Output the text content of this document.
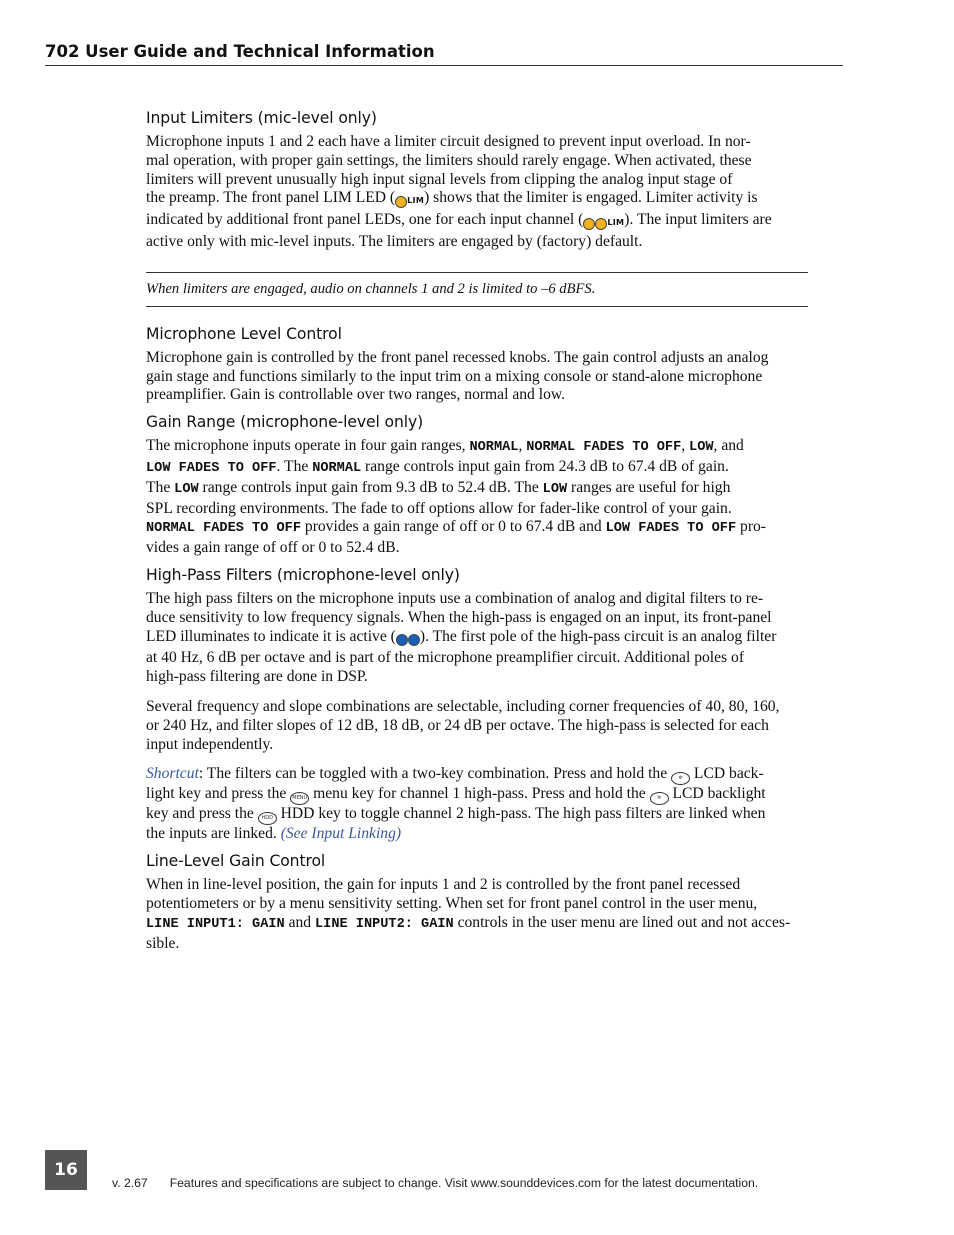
702 User Guide and Technical Information
Input Limiters (mic-level only)

Microphone inputs 1 and 2 each have a limiter circuit designed to prevent input overload. In nor-
mal operation, with proper gain settings, the limiters should rarely engage. When activated, these
limiters will prevent unusually high input signal levels from clipping the analog input stage of
the preamp. The front panel LIM LED ( LIM) shows that the limiter is engaged. Limiter activity is
indicated by additional front panel LEDs, one for each input channel (	LIM). The input limiters are
active only with mic-level inputs. The limiters are engaged by (factory) default.

When limiters are engaged, audio on channels 1 and 2 is limited to –6 dBFS.

Microphone Level Control

Microphone gain is controlled by the front panel recessed knobs. The gain control adjusts an analog
gain stage and functions similarly to the input trim on a mixing console or stand-alone microphone
preamplifier. Gain is controllable over two ranges, normal and low.

Gain Range (microphone-level only)

The microphone inputs operate in four gain ranges, NORMAL, NORMAL FADES TO OFF, LOW, and
LOW FADES TO OFF. The NORMAL range controls input gain from 24.3 dB to 67.4 dB of gain.
The LOW range controls input gain from 9.3 dB to 52.4 dB. The LOW ranges are useful for high
SPL recording environments. The fade to off options allow for fader-like control of your gain.
NORMAL FADES TO OFF provides a gain range of off or 0 to 67.4 dB and LOW FADES TO OFF pro-
vides a gain range of off or 0 to 52.4 dB.

High-Pass Filters (microphone-level only)

The high pass filters on the microphone inputs use a combination of analog and digital filters to re-
duce sensitivity to low frequency signals. When the high-pass is engaged on an input, its front-panel
LED illuminates to indicate it is active ( ). The first pole of the high-pass circuit is an analog filter
at 40 Hz, 6 dB per octave and is part of the microphone preamplifier circuit. Additional poles of
high-pass filtering are done in DSP.

Several frequency and slope combinations are selectable, including corner frequencies of 40, 80, 160,
or 240 Hz, and filter slopes of 12 dB, 18 dB, or 24 dB per octave. The high-pass is selected for each
input independently.

Shortcut: The filters can be toggled with a two-key combination. Press and hold the ✲ LCD back-
light key and press the MENU menu key for channel 1 high-pass. Press and hold the ✲ LCD backlight
key and press the HDD HDD key to toggle channel 2 high-pass. The high pass filters are linked when
the inputs are linked. (See Input Linking)

Line-Level Gain Control

When in line-level position, the gain for inputs 1 and 2 is controlled by the front panel recessed
potentiometers or by a menu sensitivity setting. When set for front panel control in the user menu,
LINE INPUT1: GAIN and LINE INPUT2: GAIN controls in the user menu are lined out and not acces-
sible.

16
v. 2.67 Features and specifications are subject to change. Visit www.sounddevices.com for the latest documentation.
